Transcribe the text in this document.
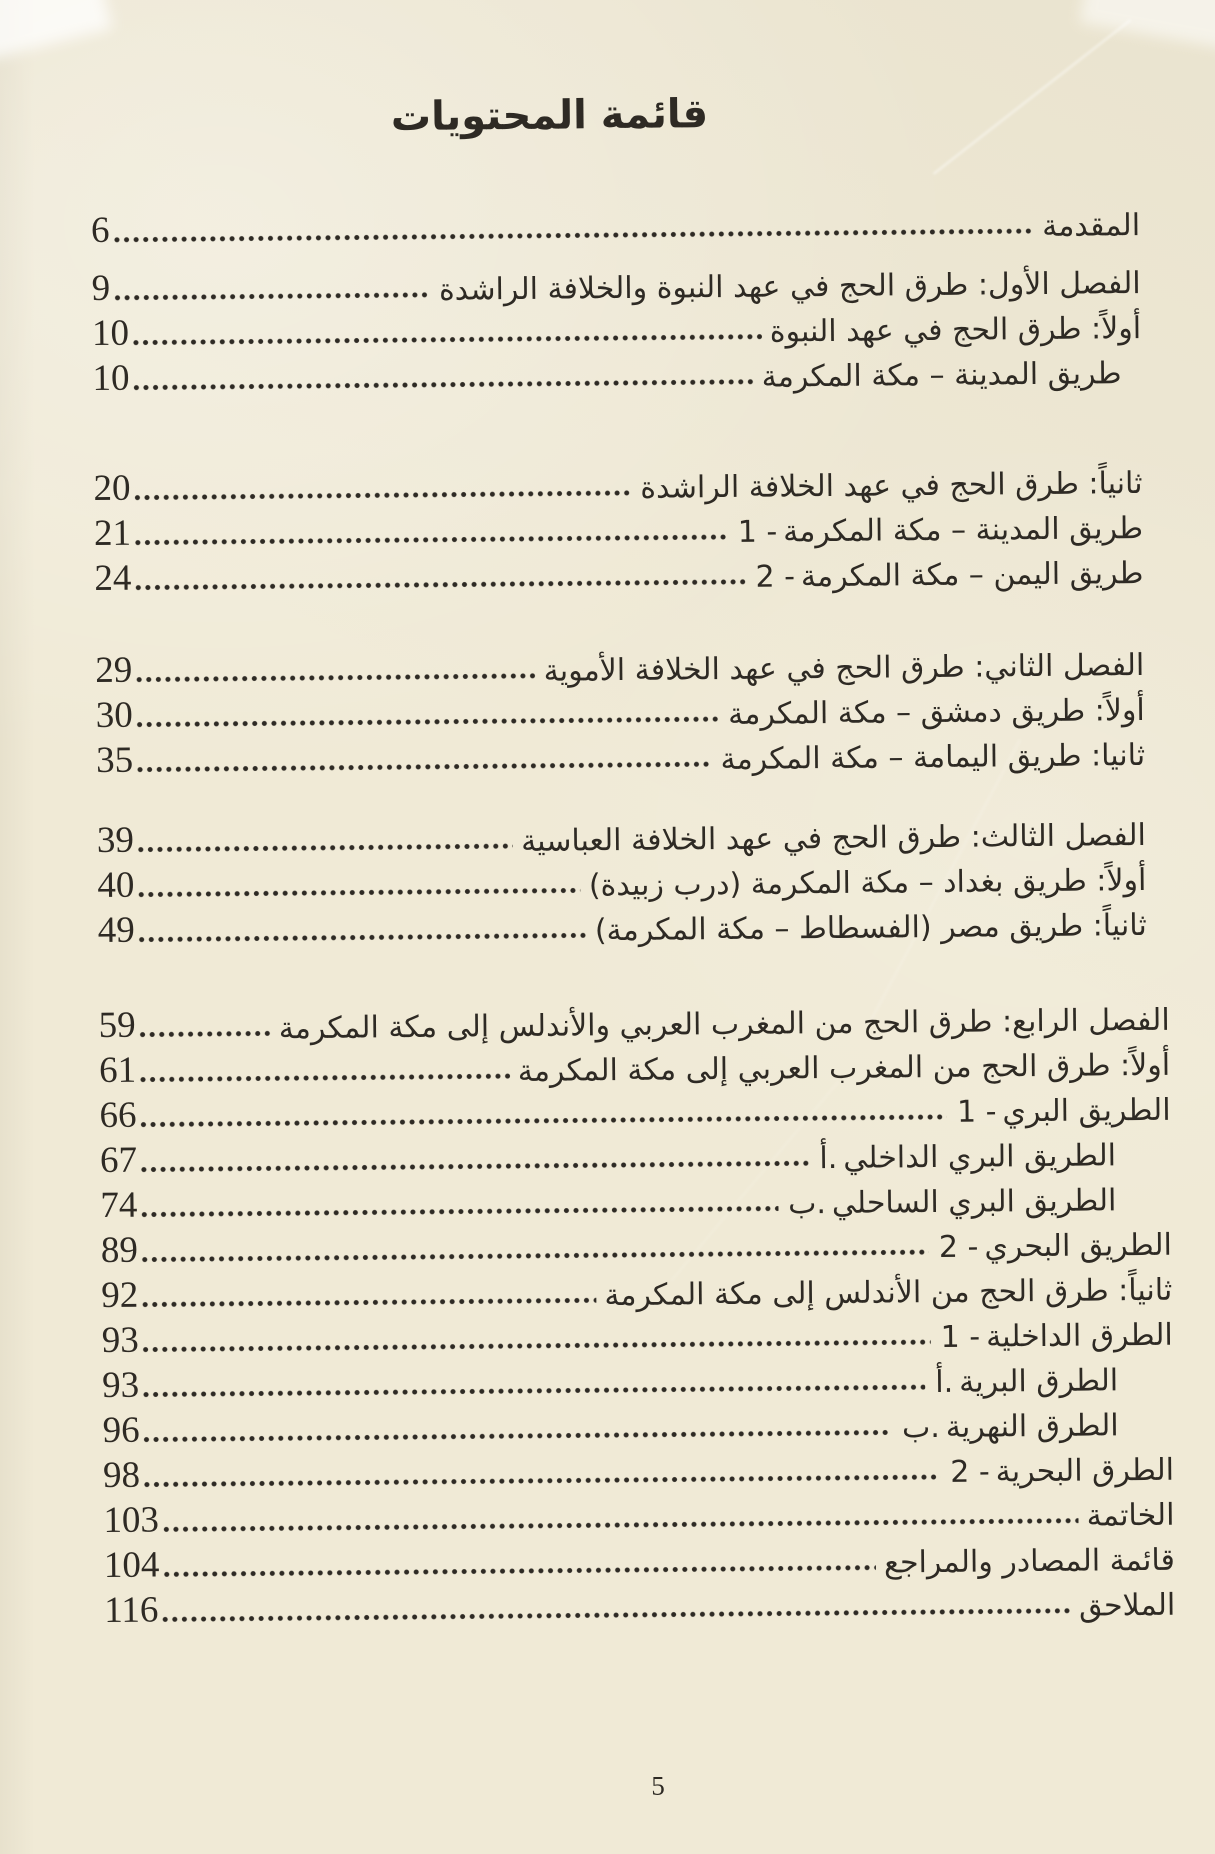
قائمة المحتويات
المقدمة
6
الفصل الأول: طرق الحج في عهد النبوة والخلافة الراشدة
9
أولاً: طرق الحج في عهد النبوة
10
طريق المدينة – مكة المكرمة
10
ثانياً: طرق الحج في عهد الخلافة الراشدة
20
طريق المدينة – مكة المكرمة
1 -
21
طريق اليمن – مكة المكرمة
2 -
24
الفصل الثاني: طرق الحج في عهد الخلافة الأموية
29
أولاً: طريق دمشق – مكة المكرمة
30
ثانيا: طريق اليمامة – مكة المكرمة
35
الفصل الثالث: طرق الحج في عهد الخلافة العباسية
39
أولاً: طريق بغداد – مكة المكرمة (درب زبيدة)
40
ثانياً: طريق مصر (الفسطاط – مكة المكرمة)
49
الفصل الرابع: طرق الحج من المغرب العربي والأندلس إلى مكة المكرمة
59
أولاً: طرق الحج من المغرب العربي إلى مكة المكرمة
61
الطريق البري
1 -
66
الطريق البري الداخلي
أ.
67
الطريق البري الساحلي
ب.
74
الطريق البحري
2 -
89
ثانياً: طرق الحج من الأندلس إلى مكة المكرمة
92
الطرق الداخلية
1 -
93
الطرق البرية
أ.
93
الطرق النهرية
ب.
96
الطرق البحرية
2 -
98
الخاتمة
103
قائمة المصادر والمراجع
104
الملاحق
116
5
